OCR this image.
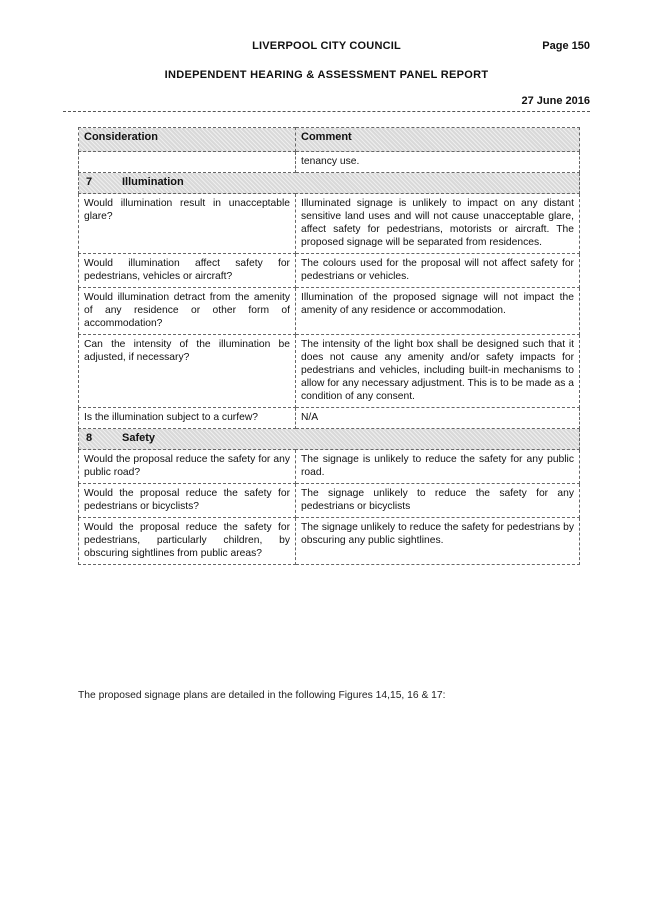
LIVERPOOL CITY COUNCIL	Page 150
INDEPENDENT HEARING & ASSESSMENT PANEL REPORT
27 June 2016
Consideration	Comment
	tenancy use.
7 Illumination	
Would illumination result in unacceptable glare?	Illuminated signage is unlikely to impact on any distant sensitive land uses and will not cause unacceptable glare, affect safety for pedestrians, motorists or aircraft. The proposed signage will be separated from residences.
Would illumination affect safety for pedestrians, vehicles or aircraft?	The colours used for the proposal will not affect safety for pedestrians or vehicles.
Would illumination detract from the amenity of any residence or other form of accommodation?	Illumination of the proposed signage will not impact the amenity of any residence or accommodation.
Can the intensity of the illumination be adjusted, if necessary?	The intensity of the light box shall be designed such that it does not cause any amenity and/or safety impacts for pedestrians and vehicles, including built-in mechanisms to allow for any necessary adjustment. This is to be made as a condition of any consent.
Is the illumination subject to a curfew?	N/A
8 Safety	
Would the proposal reduce the safety for any public road?	The signage is unlikely to reduce the safety for any public road.
Would the proposal reduce the safety for pedestrians or bicyclists?	The signage unlikely to reduce the safety for any pedestrians or bicyclists
Would the proposal reduce the safety for pedestrians, particularly children, by obscuring sightlines from public areas?	The signage unlikely to reduce the safety for pedestrians by obscuring any public sightlines.
The proposed signage plans are detailed in the following Figures 14,15, 16 & 17:
